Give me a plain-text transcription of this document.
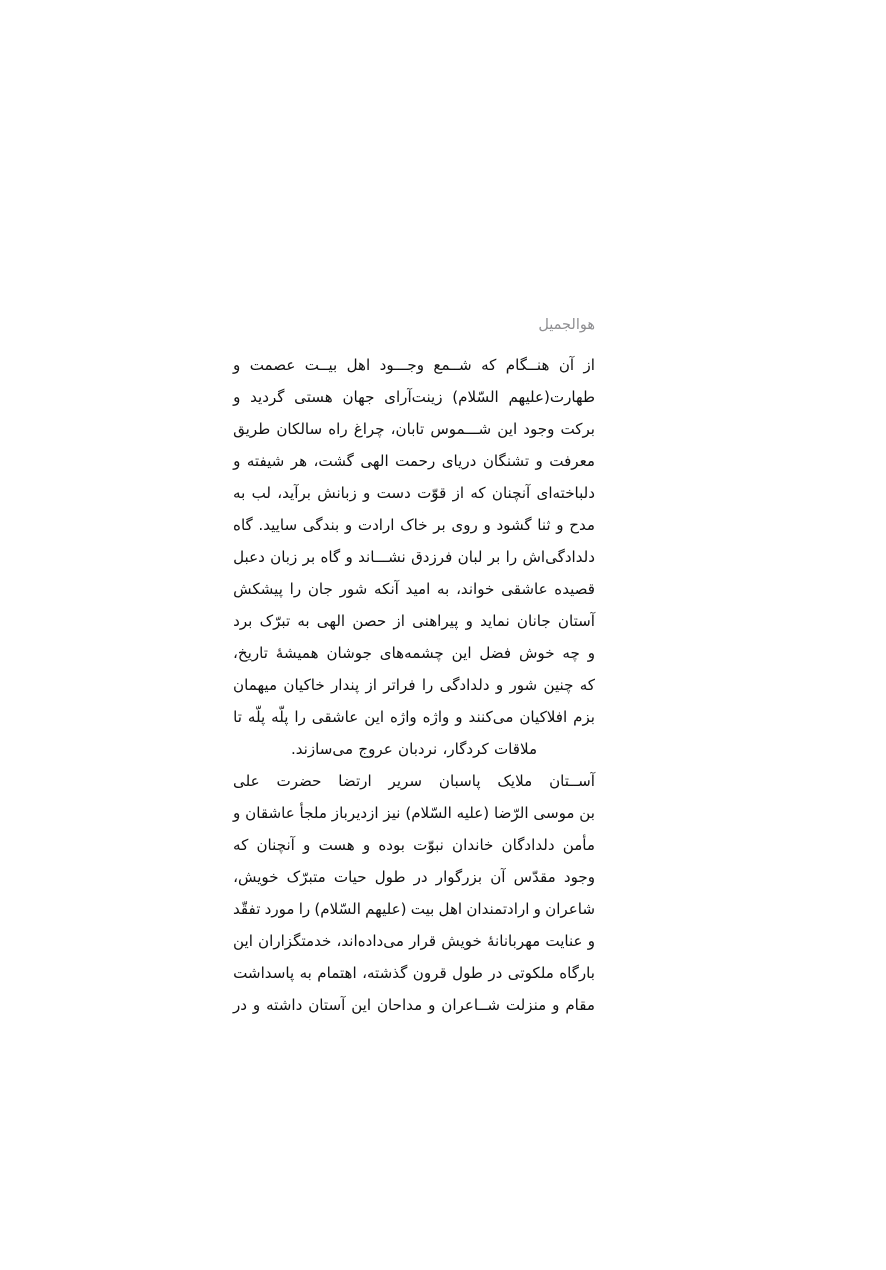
هوالجمیل
از
آن
هنــگام
که
شــمع
وجـــود
اهل
بیــت
عصمت
و
طهارت(علیهم
السّلام)
زینت‌آرای
جهان
هستی
گردید
و
برکت
وجود
این
شـــموس
تابان،
چراغ
راه
سالکان
طریق
معرفت
و
تشنگان
دریای
رحمت
الهی
گشت،
هر
شیفته
و
دلباخته‌ای
آنچنان
که
از
قوّت
دست
و
زبانش
برآید،
لب
به
مدح
و
ثنا
گشود
و
روی
بر
خاک
ارادت
و
بندگی
سایید.
گاه
دلدادگی‌اش
را
بر
لبان
فرزدق
نشـــاند
و
گاه
بر
زبان
دعبل
قصیده
عاشقی
خواند،
به
امید
آنکه
شور
جان
را
پیشکش
آستان
جانان
نماید
و
پیراهنی
از
حصن
الهی
به
تبرّک
برد
و
چه
خوش
فضل
این
چشمه‌های
جوشان
همیشهٔ
تاریخ،
که
چنین
شور
و
دلدادگی
را
فراتر
از
پندار
خاکیان
میهمان
بزم
افلاکیان
می‌کنند
و
واژه
واژه
این
عاشقی
را
پلّه
پلّه
تا
ملاقات کردگار، نردبان عروج می‌سازند.
آســتان
ملایک
پاسبان
سریر
ارتضا
حضرت
علی
بن
موسی
الرّضا
(علیه
السّلام)
نیز
ازدیرباز
ملجأ
عاشقان
و
مأمن
دلدادگان
خاندان
نبوّت
بوده
و
هست
و
آنچنان
که
وجود
مقدّس
آن
بزرگوار
در
طول
حیات
متبرّک
خویش،
شاعران
و
ارادتمندان
اهل
بیت
(علیهم
السّلام)
را
مورد
تفقّد
و
عنایت
مهربانانهٔ
خویش
قرار
می‌داده‌اند،
خدمتگزاران
این
بارگاه
ملکوتی
در
طول
قرون
گذشته،
اهتمام
به
پاسداشت
مقام
و
منزلت
شــاعران
و
مداحان
این
آستان
داشته
و
در
